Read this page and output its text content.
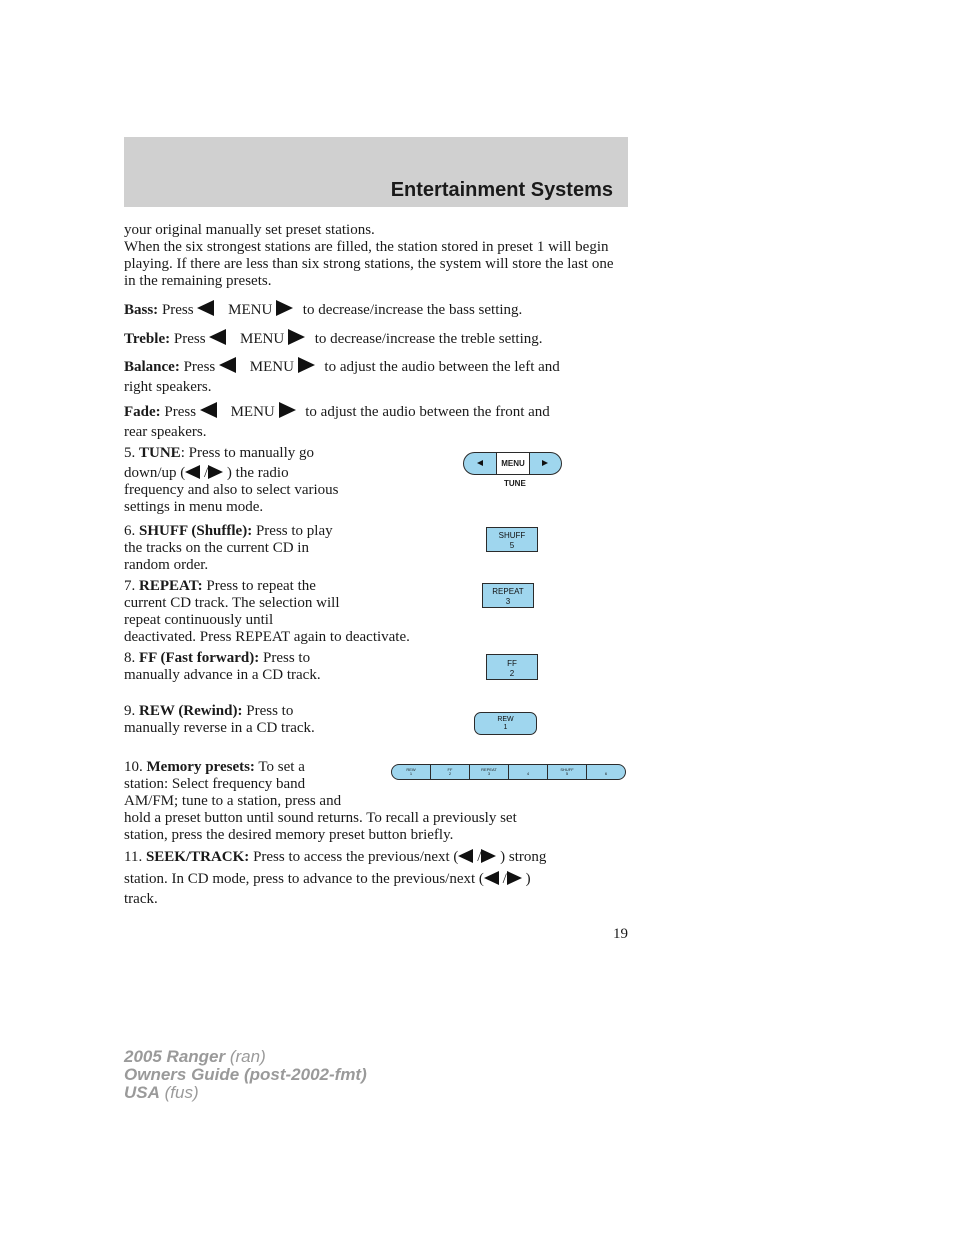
Entertainment Systems

your original manually set preset stations.

When the six strongest stations are filled, the station stored in preset 1 will begin playing. If there are less than six strong stations, the system will store the last one in the remaining presets.

Bass: Press MENU to decrease/increase the bass setting.
Treble: Press MENU to decrease/increase the treble setting.
Balance: Press MENU to adjust the audio between the left and
right speakers.
Fade: Press MENU to adjust the audio between the front and
rear speakers.
5. TUNE: Press to manually go
down/up ( / ) the radio
frequency and also to select various
settings in menu mode.
MENU
TUNE
6. SHUFF (Shuffle): Press to play
the tracks on the current CD in
random order.
SHUFF
5
7. REPEAT: Press to repeat the
current CD track. The selection will
repeat continuously until
deactivated. Press REPEAT again to deactivate.
REPEAT
3
8. FF (Fast forward): Press to
manually advance in a CD track.
FF
2
9. REW (Rewind): Press to
manually reverse in a CD track.
REW
1
10. Memory presets: To set a
station: Select frequency band
AM/FM; tune to a station, press and
hold a preset button until sound returns. To recall a previously set
station, press the desired memory preset button briefly.
REW
1
FF
2
REPEAT
3	4
SHUFF
5	6
11. SEEK/TRACK: Press to access the previous/next ( / ) strong
station. In CD mode, press to advance to the previous/next ( / )
track.
19
2005 Ranger (ran)
Owners Guide (post-2002-fmt)
USA (fus)
